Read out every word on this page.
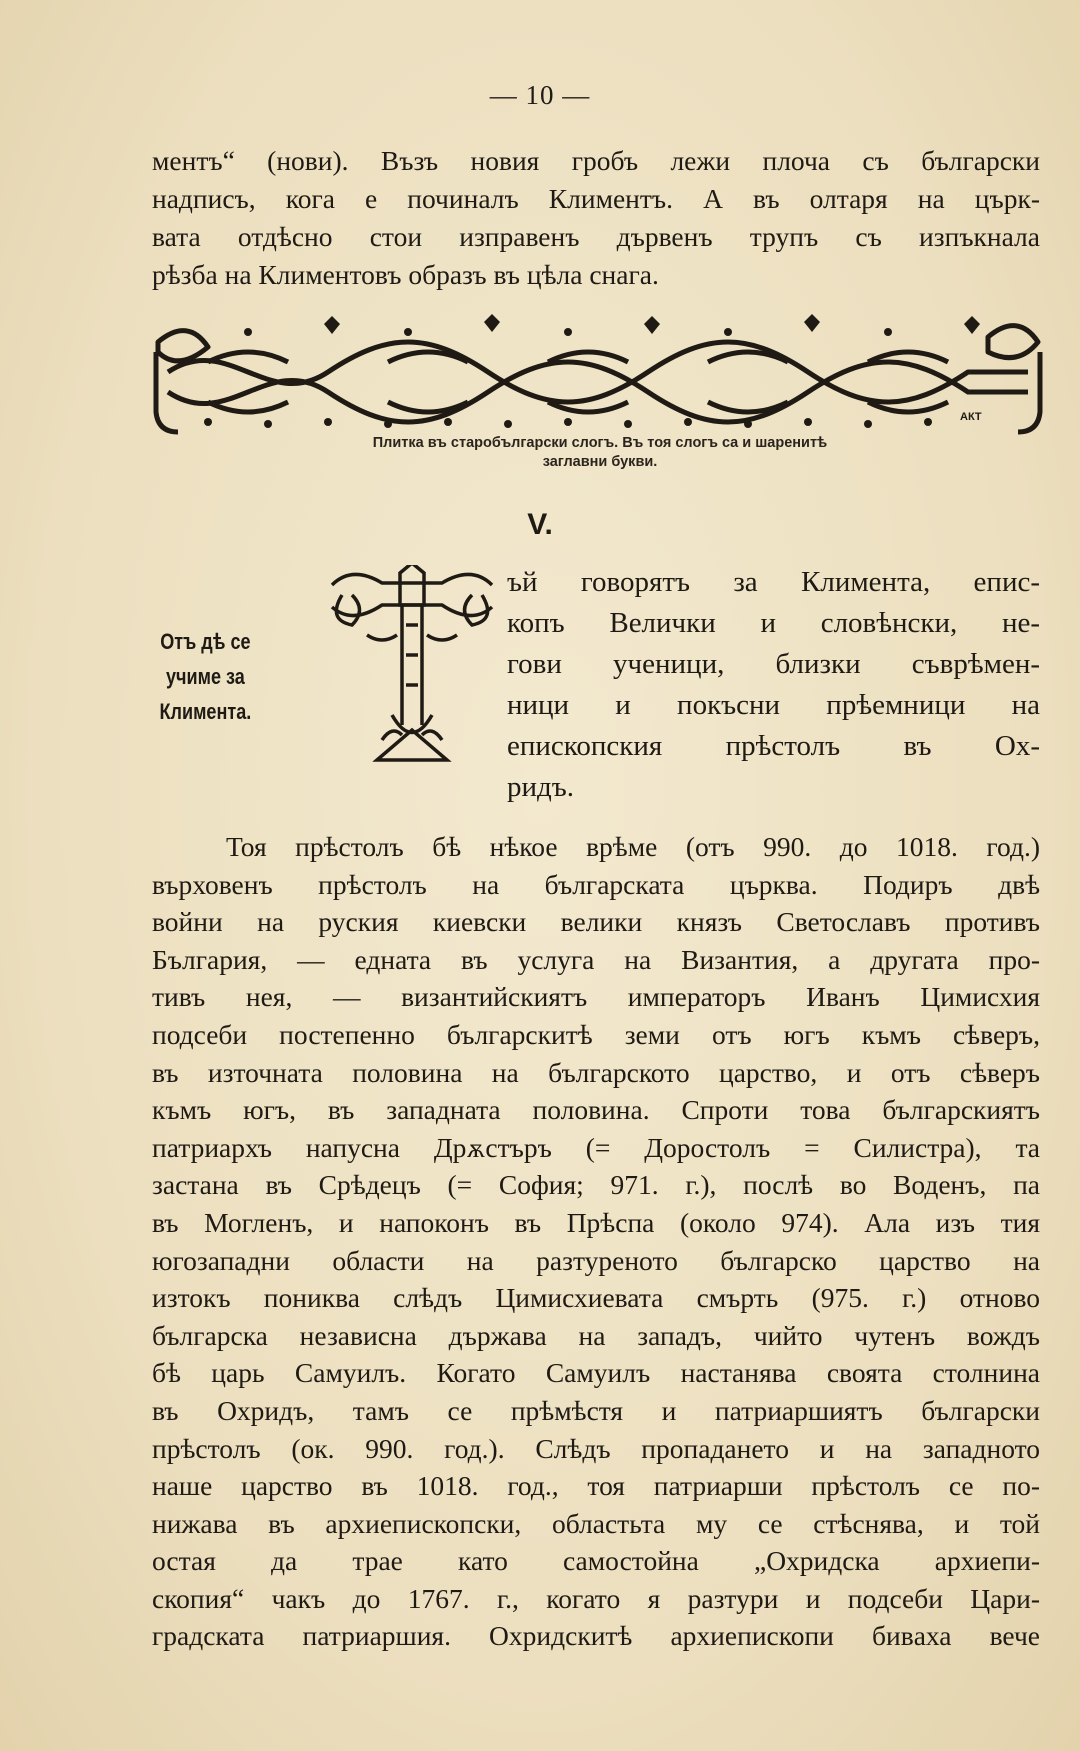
— 10 —
ментъ“ (нови). Възъ новия гробъ лежи плоча съ български
надписъ, кога е починалъ Климентъ. А въ олтаря на църк-
вата отдѣсно стои изправенъ дървенъ трупъ съ изпъкнала
рѣзба на Климентовъ образъ въ цѣла снага.
АКТ
Плитка въ старобългарски слогъ. Въ тоя слогъ са и шаренитѣ
заглавни букви.
V.
Отъ дѣ се
учиме за
Климента.
Т
ъй говорятъ за Климента, епис-
копъ Велички и словѣнски, не-
гови ученици, близки съврѣмен-
ници и покъсни прѣемници на
епископския прѣстолъ въ Ох-
ридъ.
Тоя прѣстолъ бѣ нѣкое врѣме (отъ 990. до 1018. год.)
върховенъ прѣстолъ на българската църква. Подиръ двѣ
войни на руския киевски велики князъ Светославъ противъ
България, — едната въ услуга на Византия, а другата про-
тивъ нея, — византийскиятъ императоръ Иванъ Цимисхия
подсеби постепенно българскитѣ земи отъ югъ къмъ сѣверъ,
въ източната половина на българското царство, и отъ сѣверъ
къмъ югъ, въ западната половина. Спроти това българскиятъ
патриархъ напусна Дрѫстъръ (= Доростолъ = Силистра), та
застана въ Срѣдецъ (= София; 971. г.), послѣ во Воденъ, па
въ Могленъ, и напоконъ въ Прѣспа (около 974). Ала изъ тия
югозападни области на разтуреното българско царство на
изтокъ пониква слѣдъ Цимисхиевата смърть (975. г.) отново
българска независна държава на западъ, чийто чутенъ вождъ
бѣ царь Самуилъ. Когато Самуилъ настанява своята столнина
въ Охридъ, тамъ се прѣмѣстя и патриаршиятъ български
прѣстолъ (ок. 990. год.). Слѣдъ пропадането и на западното
наше царство въ 1018. год., тоя патриарши прѣстолъ се по-
нижава въ архиепископски, областьта му се стѣснява, и той
остая да трае като самостойна „Охридска архиепи-
скопия“ чакъ до 1767. г., когато я разтури и подсеби Цари-
градската патриаршия. Охридскитѣ архиепископи бивaха вече
